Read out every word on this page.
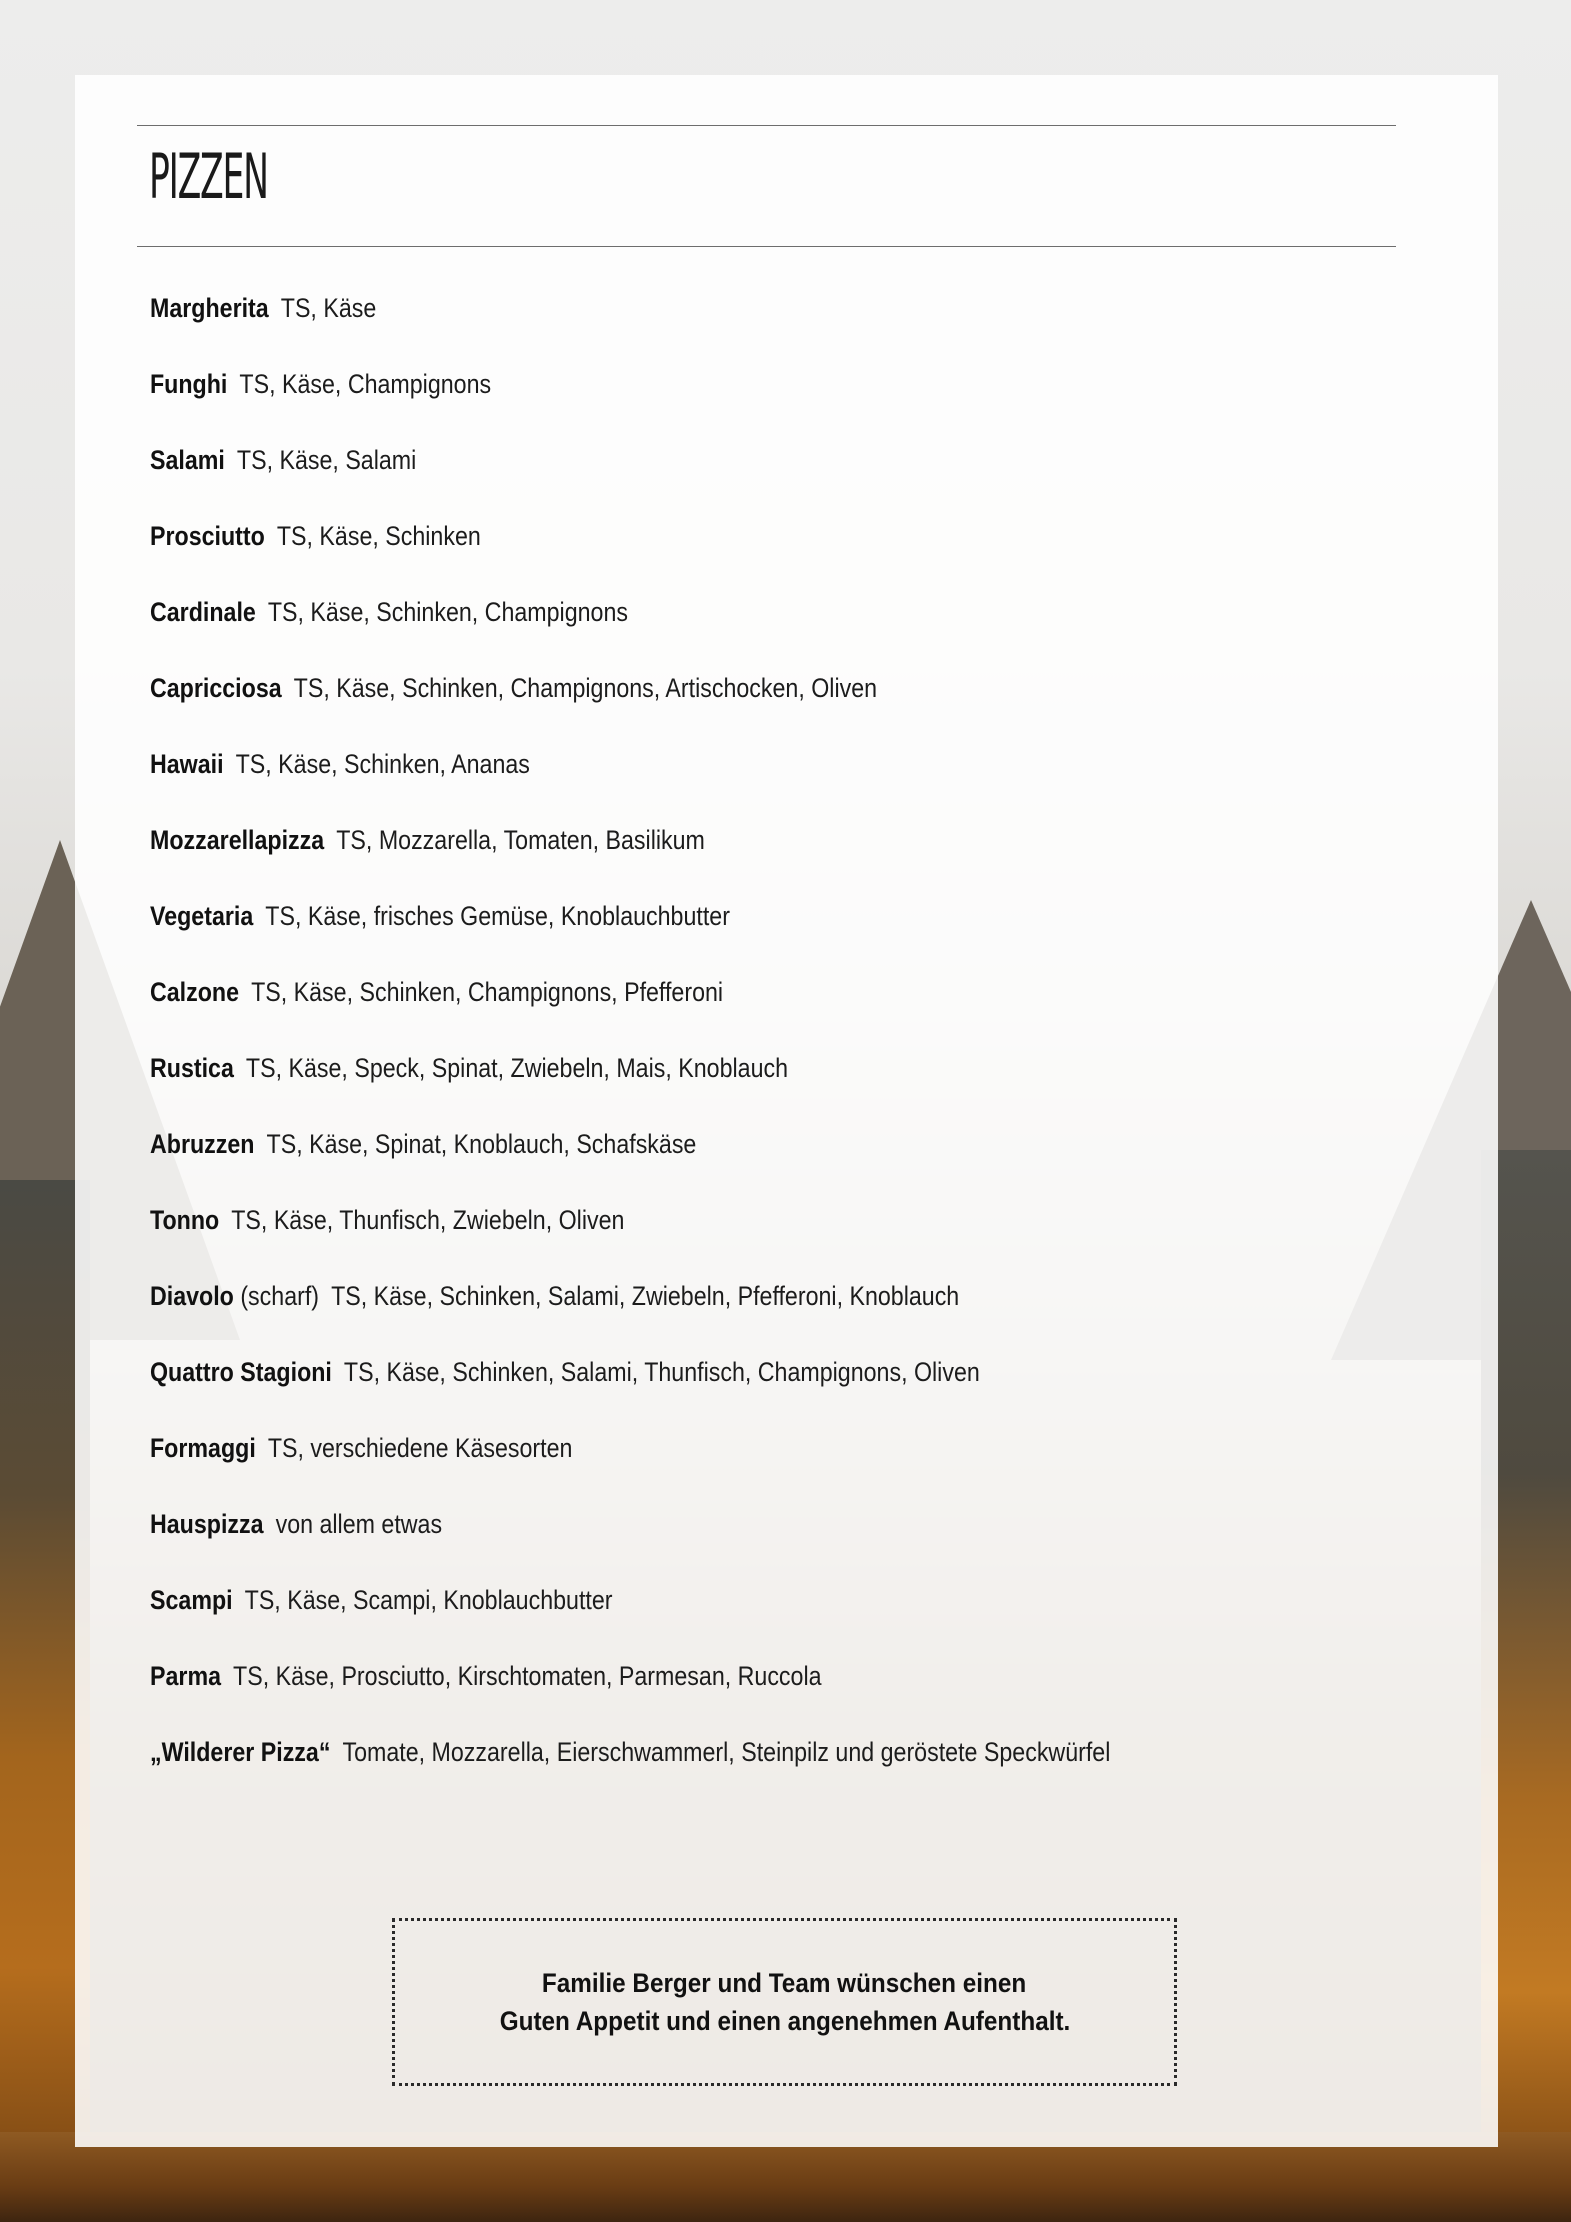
PIZZEN
Margherita TS, Käse
Funghi TS, Käse, Champignons
Salami TS, Käse, Salami
Prosciutto TS, Käse, Schinken
Cardinale TS, Käse, Schinken, Champignons
Capricciosa TS, Käse, Schinken, Champignons, Artischocken, Oliven
Hawaii TS, Käse, Schinken, Ananas
Mozzarellapizza TS, Mozzarella, Tomaten, Basilikum
Vegetaria TS, Käse, frisches Gemüse, Knoblauchbutter
Calzone TS, Käse, Schinken, Champignons, Pfefferoni
Rustica TS, Käse, Speck, Spinat, Zwiebeln, Mais, Knoblauch
Abruzzen TS, Käse, Spinat, Knoblauch, Schafskäse
Tonno TS, Käse, Thunfisch, Zwiebeln, Oliven
Diavolo (scharf) TS, Käse, Schinken, Salami, Zwiebeln, Pfefferoni, Knoblauch
Quattro Stagioni TS, Käse, Schinken, Salami, Thunfisch, Champignons, Oliven
Formaggi TS, verschiedene Käsesorten
Hauspizza von allem etwas
Scampi TS, Käse, Scampi, Knoblauchbutter
Parma TS, Käse, Prosciutto, Kirschtomaten, Parmesan, Ruccola
„Wilderer Pizza“ Tomate, Mozzarella, Eierschwammerl, Steinpilz und geröstete Speckwürfel
Familie Berger und Team wünschen einen
Guten Appetit und einen angenehmen Aufenthalt.
